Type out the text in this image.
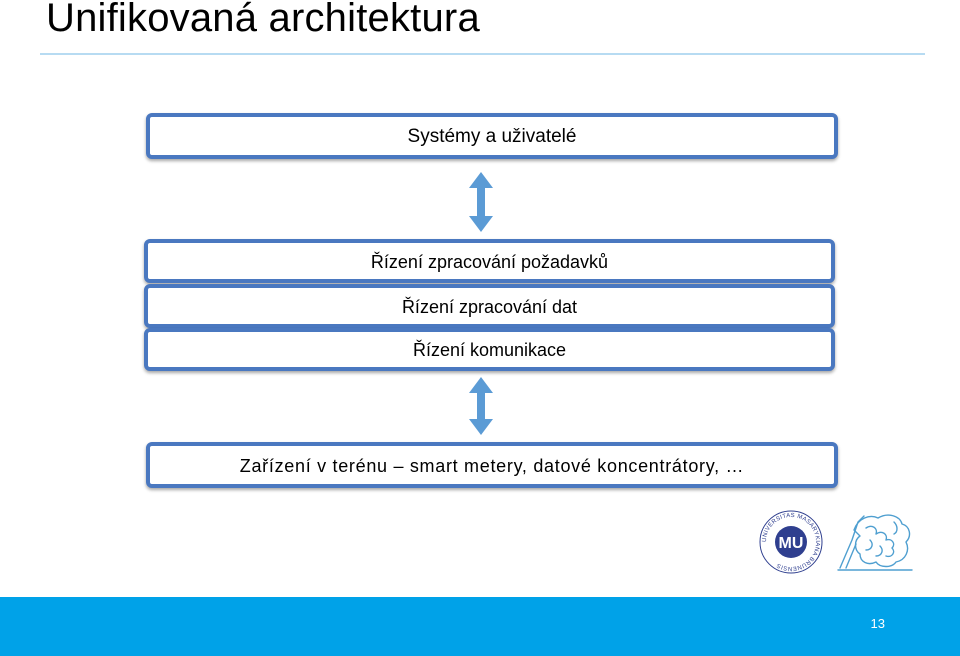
Unifikovaná architektura
Systémy a uživatelé
Řízení zpracování požadavků
Řízení zpracování dat
Řízení komunikace
Zařízení v terénu – smart metery, datové koncentrátory, …
UNIVERSITAS MASARYKIANA BRUNENSIS
MU
13
